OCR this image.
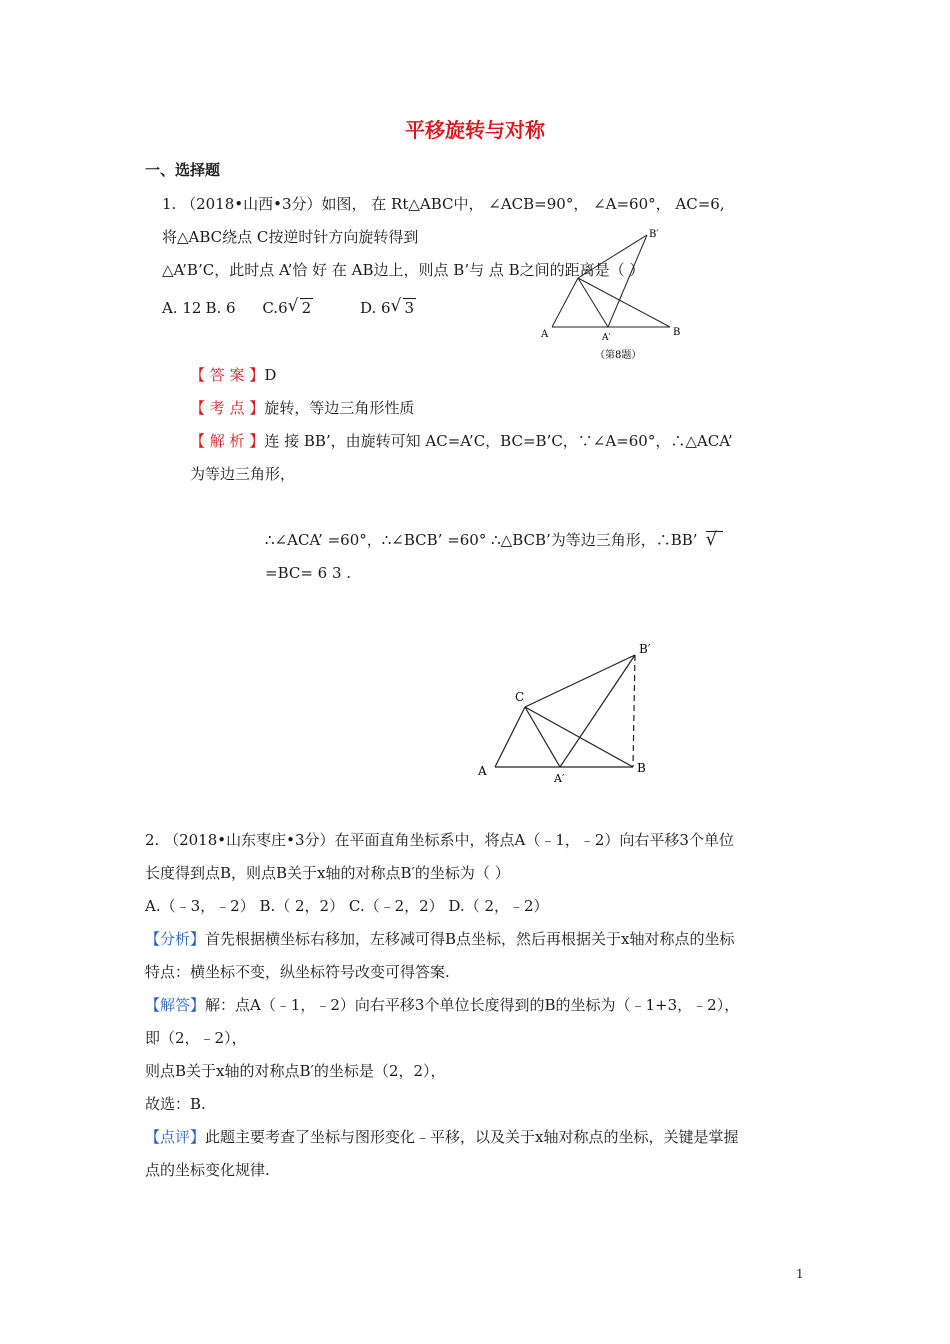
平移旋转与对称
一、选择题
1. （2018•山西•3分）如图， 在 Rt△ABC中， ∠ACB=90°， ∠A=60°， AC=6,
将△ABC绕点 C按逆时针方向旋转得到
△A’B’C，此时点 A’恰 好 在 AB边上，则点 B’与 点 B之间的距离是（ ）
A. 12 B. 6 C.6 √ 2	D. 6 √ 3
A	A′	B
B′
（第8题）
【 答 案 】D
【 考 点 】旋转，等边三角形性质
【 解 析 】连 接 BB’，由旋转可知 AC=A’C，BC=B’C，∵∠A=60°，∴△ACA’
为等边三角形，
∴∠ACA’ =60°，∴∠BCB’ =60° ∴△BCB’为等边三角形，∴BB’ √
=BC= 6 3 .
A
A′
B
B′
C
2. （2018•山东枣庄•3分）在平面直角坐标系中，将点A（﹣1，﹣2）向右平移3个单位
长度得到点B，则点B关于x轴的对称点B′的坐标为（ ）
A.（﹣3，﹣2） B.（ 2，2） C.（﹣2，2） D.（ 2，﹣2）
【分析】首先根据横坐标右移加，左移减可得B点坐标，然后再根据关于x轴对称点的坐标
特点：横坐标不变，纵坐标符号改变可得答案.
【解答】解：点A（﹣1，﹣2）向右平移3个单位长度得到的B的坐标为（﹣1+3，﹣2），
即（2，﹣2），
则点B关于x轴的对称点B′的坐标是（2，2），
故选：B.
【点评】此题主要考查了坐标与图形变化﹣平移，以及关于x轴对称点的坐标，关键是掌握
点的坐标变化规律.
1
